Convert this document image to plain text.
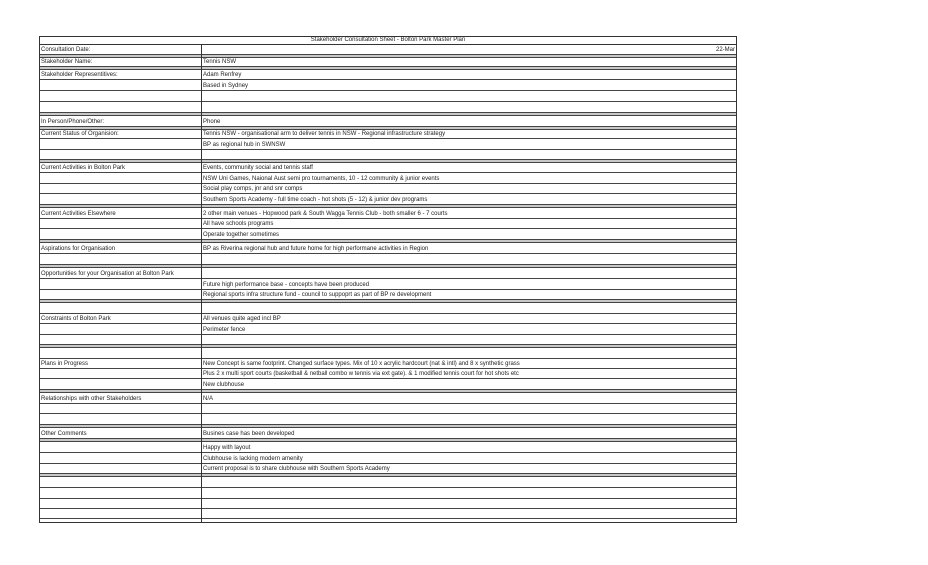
Stakeholder Consultation Sheet - Bolton Park Master Plan
Consultation Date:	22-Mar
Stakeholder Name:	Tennis NSW
Stakeholder Representitives:	Adam Renfrey
Based in Sydney
In Person/Phone/Other:	Phone
Current Status of Organision:	Tennis NSW - organisational arm to deliver tennis in NSW - Regional infrastructure strategy
BP as regional hub in SWNSW
Current Activities in Bolton Park	Events, community social and tennis staff
NSW Uni Games, Naional Aust semi pro tournaments, 10 - 12 community & junior events
Social play comps, jnr and snr comps
Southern Sports Academy - full time coach - hot shots (5 - 12) & junior dev programs
Current Activities Elsewhere	2 other main venues - Hopwood park & South Wagga Tennis Club - both smaller 6 - 7 courts
All have schools programs
Operate together sometimes
Aspirations for Organisation	BP as Riverina regional hub and future home for high performane activities in Region
Opportunities for your Organisation at Bolton Park
Future high performance base - concepts have been produced
Regional sports infra structure fund - council to suppoprt as part of BP re development
Constraints of Bolton Park	All venues quite aged incl BP
Perimeter fence
Plans in Progress	New Concept is same footprint. Changed surface types. Mix of 10 x acrylic hardcourt (nat & intl) and 8 x synthetic grass
Plus 2 x multi sport courts (basketball & netball combo w tennis via ext gate). & 1 modified tennis court for hot shots etc
New clubhouse
Relationships with other Stakeholders	N/A
Other Comments	Busines case has been developed
Happy with layout
Clubhouse is lacking modern amenity
Current proposal is to share clubhouse with Southern Sports Academy
